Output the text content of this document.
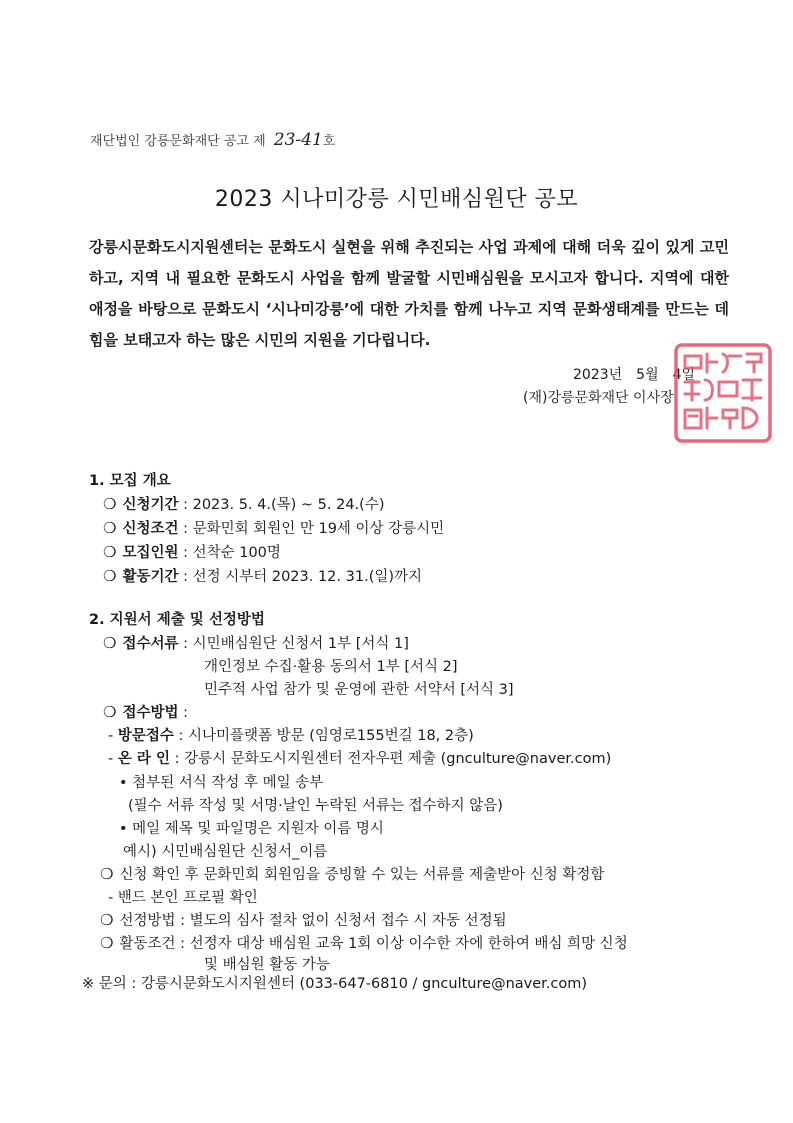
재단법인 강릉문화재단 공고 제 23-41호
2023 시나미강릉 시민배심원단 공모
강릉시문화도시지원센터는 문화도시 실현을 위해 추진되는 사업 과제에 대해 더욱 깊이 있게 고민하고, 지역 내 필요한 문화도시 사업을 함께 발굴할 시민배심원을 모시고자 합니다. 지역에 대한 애정을 바탕으로 문화도시 ‘시나미강릉’에 대한 가치를 함께 나누고 지역 문화생태계를 만드는 데 힘을 보태고자 하는 많은 시민의 지원을 기다립니다.
2023년 5월 4일
(재)강릉문화재단 이사장
1. 모집 개요
❍ 신청기간 : 2023. 5. 4.(목) ~ 5. 24.(수)
❍ 신청조건 : 문화민회 회원인 만 19세 이상 강릉시민
❍ 모집인원 : 선착순 100명
❍ 활동기간 : 선정 시부터 2023. 12. 31.(일)까지
2. 지원서 제출 및 선정방법
❍ 접수서류 : 시민배심원단 신청서 1부 [서식 1]
개인정보 수집·활용 동의서 1부 [서식 2]
민주적 사업 참가 및 운영에 관한 서약서 [서식 3]
❍ 접수방법 :
- 방문접수 : 시나미플랫폼 방문 (임영로155번길 18, 2층)
- 온 라 인 : 강릉시 문화도시지원센터 전자우편 제출 (gnculture@naver.com)
• 첨부된 서식 작성 후 메일 송부
(필수 서류 작성 및 서명·날인 누락된 서류는 접수하지 않음)
• 메일 제목 및 파일명은 지원자 이름 명시
예시) 시민배심원단 신청서_이름
❍ 신청 확인 후 문화민회 회원임을 증빙할 수 있는 서류를 제출받아 신청 확정함
- 밴드 본인 프로필 확인
❍ 선정방법 : 별도의 심사 절차 없이 신청서 접수 시 자동 선정됨
❍ 활동조건 : 선정자 대상 배심원 교육 1회 이상 이수한 자에 한하여 배심 희망 신청
및 배심원 활동 가능
※ 문의 : 강릉시문화도시지원센터 (033-647-6810 / gnculture@naver.com)
